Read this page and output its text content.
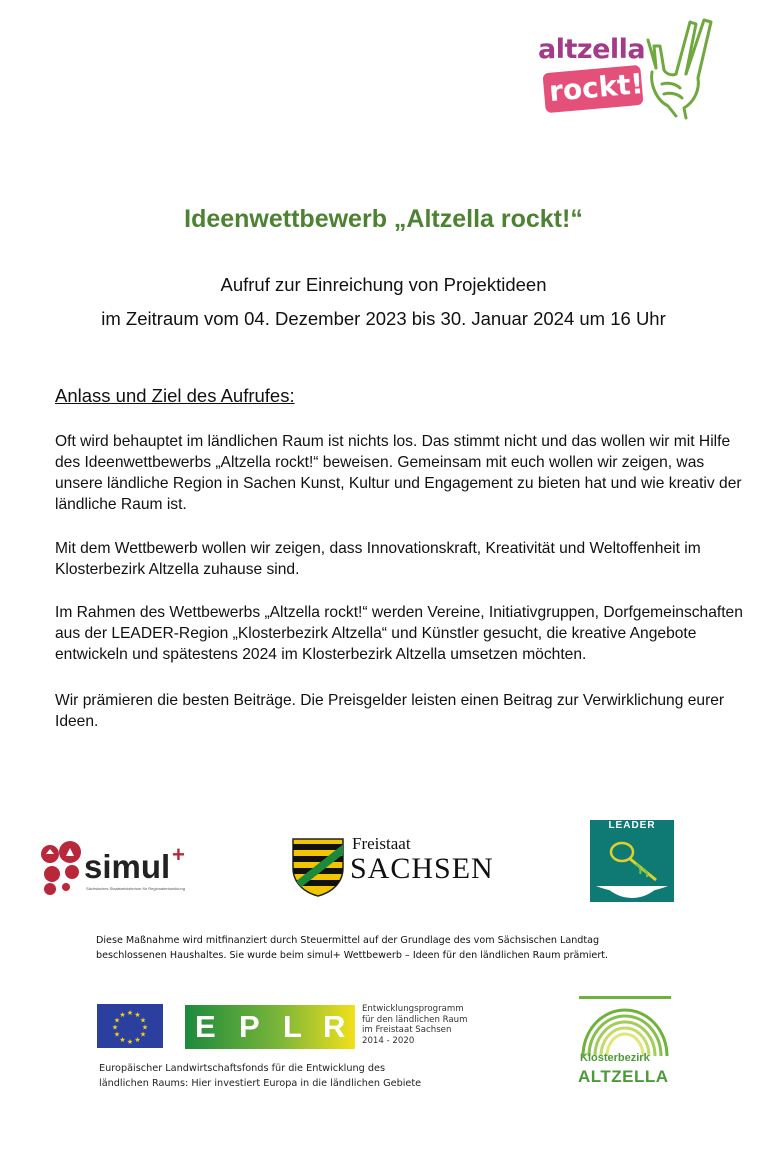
altzella
rockt!
Ideenwettbewerb „Altzella rockt!“
Aufruf zur Einreichung von Projektideen
im Zeitraum vom 04. Dezember 2023 bis 30. Januar 2024 um 16 Uhr
Anlass und Ziel des Aufrufes:
Oft wird behauptet im ländlichen Raum ist nichts los. Das stimmt nicht und das wollen wir mit Hilfe des Ideenwettbewerbs „Altzella rockt!“ beweisen. Gemeinsam mit euch wollen wir zeigen, was unsere ländliche Region in Sachen Kunst, Kultur und Engagement zu bieten hat und wie kreativ der ländliche Raum ist.
Mit dem Wettbewerb wollen wir zeigen, dass Innovationskraft, Kreativität und Weltoffenheit im Klosterbezirk Altzella zuhause sind.
Im Rahmen des Wettbewerbs „Altzella rockt!“ werden Vereine, Initiativgruppen, Dorfgemeinschaften aus der LEADER-Region „Klosterbezirk Altzella“ und Künstler gesucht, die kreative Angebote entwickeln und spätestens 2024 im Klosterbezirk Altzella umsetzen möchten.
Wir prämieren die besten Beiträge. Die Preisgelder leisten einen Beitrag zur Verwirklichung eurer Ideen.
simul +
Sächsisches Staatsministerium für Regionalentwicklung
Freistaat
SACHSEN
LEADER
Diese Maßnahme wird mitfinanziert durch Steuermittel auf der Grundlage des vom Sächsischen Landtag
beschlossenen Haushaltes. Sie wurde beim simul+ Wettbewerb – Ideen für den ländlichen Raum prämiert.
★ ★
★
★
★
★
★
★
★
★
★
★ E P L R Entwicklungsprogramm
für den ländlichen Raum
im Freistaat Sachsen
2014 - 2020
Europäischer Landwirtschaftsfonds für die Entwicklung des
ländlichen Raums: Hier investiert Europa in die ländlichen Gebiete
Klosterbezirk
ALTZELLA
